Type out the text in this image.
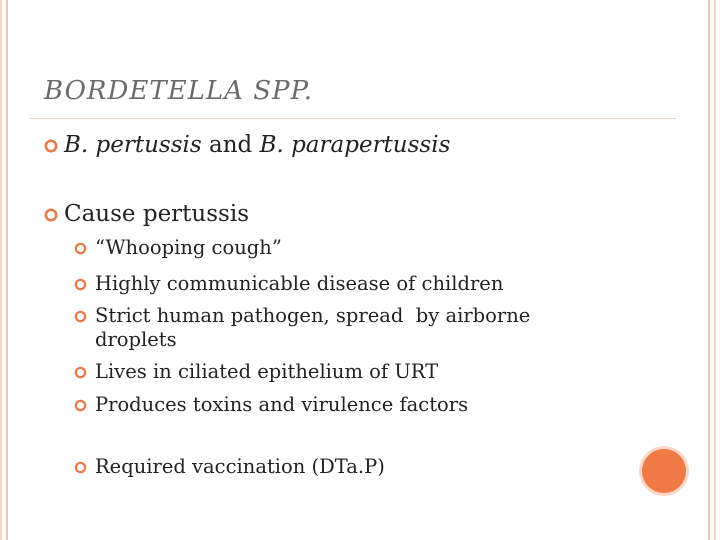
BORDETELLA SPP.
B. pertussis and B. parapertussis
Cause pertussis
“Whooping cough”
Highly communicable disease of children
Strict human pathogen, spread  by airborne droplets
Lives in ciliated epithelium of URT
Produces toxins and virulence factors
Required vaccination (DTa.P)
